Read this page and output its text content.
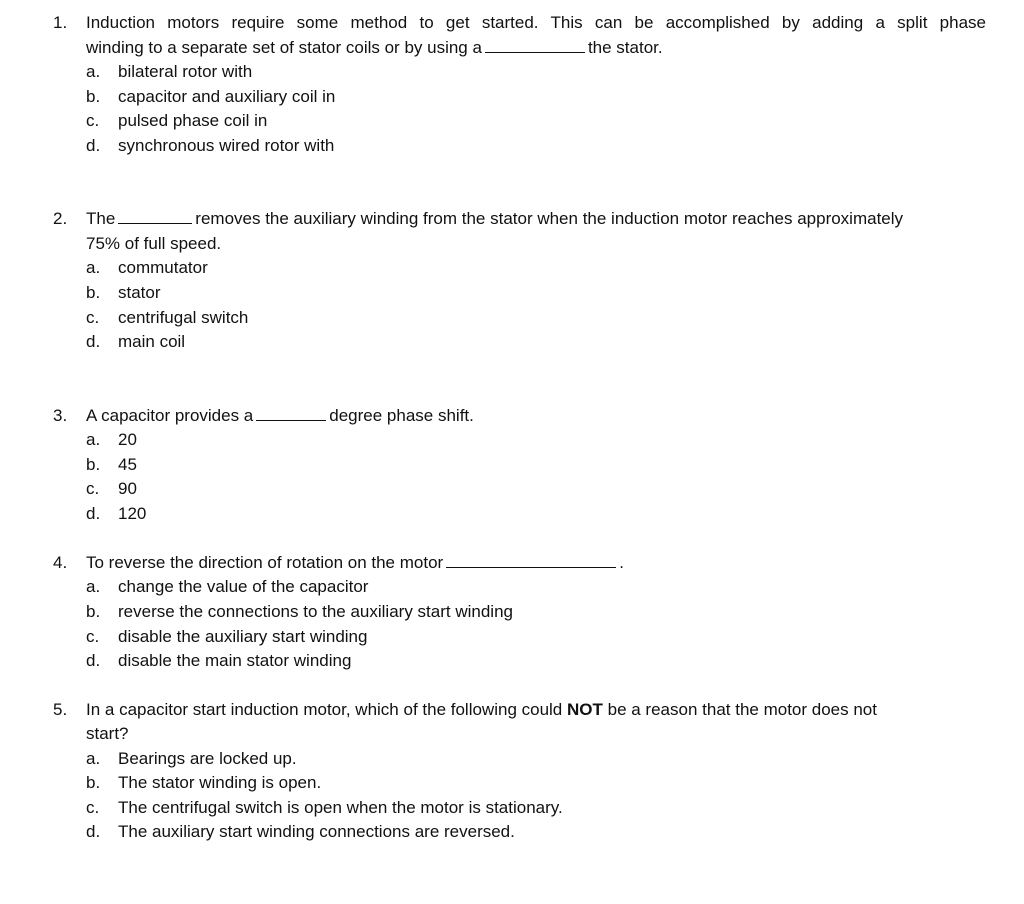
1. Induction motors require some method to get started. This can be accomplished by adding a split phase
winding to a separate set of stator coils or by using a	the stator.
a. bilateral rotor with
b. capacitor and auxiliary coil in
c. pulsed phase coil in
d. synchronous wired rotor with
2. The	removes the auxiliary winding from the stator when the induction motor reaches approximately
75% of full speed.
a. commutator
b. stator
c. centrifugal switch
d. main coil
3. A capacitor provides a	degree phase shift.
a. 20
b. 45
c. 90
d. 120
4. To reverse the direction of rotation on the motor	.
a. change the value of the capacitor
b. reverse the connections to the auxiliary start winding
c. disable the auxiliary start winding
d. disable the main stator winding
5. In a capacitor start induction motor, which of the following could NOT be a reason that the motor does not
start?
a. Bearings are locked up.
b. The stator winding is open.
c. The centrifugal switch is open when the motor is stationary.
d. The auxiliary start winding connections are reversed.
